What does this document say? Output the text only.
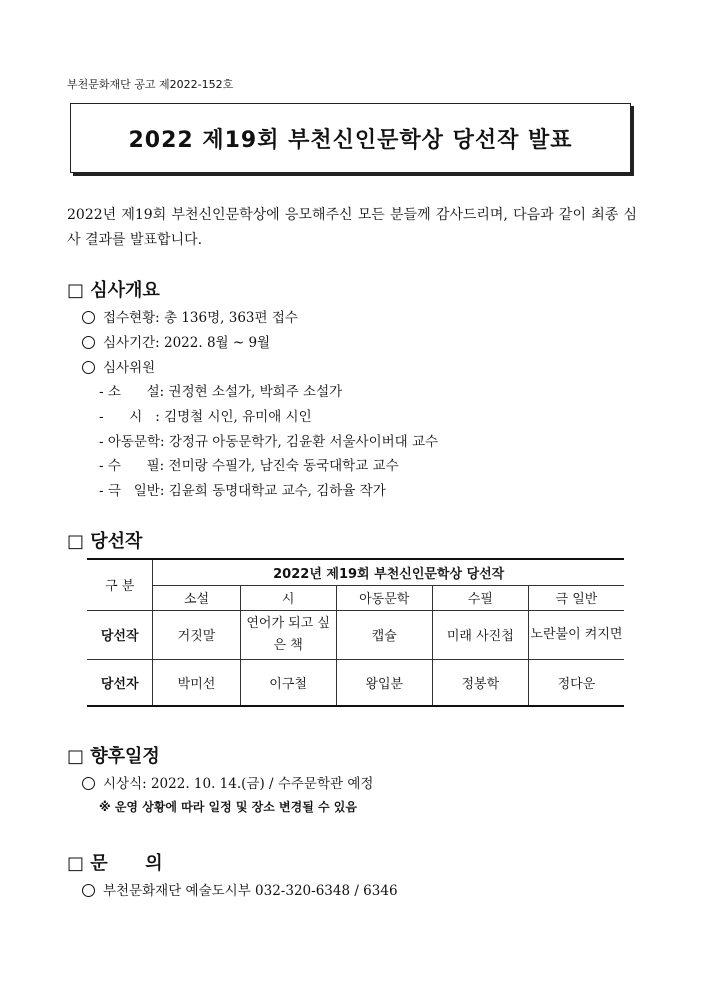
부천문화재단 공고 제2022-152호
2022 제19회 부천신인문학상 당선작 발표
2022년 제19회 부천신인문학상에 응모해주신 모든 분들께 감사드리며, 다음과 같이 최종 심사 결과를 발표합니다.
□ 심사개요
접수현황: 총 136명, 363편 접수
심사기간: 2022. 8월 ~ 9월
심사위원
- 소      설: 권정현 소설가, 박희주 소설가
-      시   : 김명철 시인, 유미애 시인
- 아동문학: 강정규 아동문학가, 김윤환 서울사이버대 교수
- 수      필: 전미랑 수필가, 남진숙 동국대학교 교수
- 극   일반: 김윤희 동명대학교 교수, 김하율 작가
□ 당선작
구 분	2022년 제19회 부천신인문학상 당선작				
	소설	시	아동문학	수필	극 일반
당선작	거짓말	연어가 되고 싶은 책	캡슐	미래 사진첩	노란불이 켜지면
당선자	박미선	이구철	왕입분	정봉학	정다운
□ 향후일정
시상식: 2022. 10. 14.(금) / 수주문학관 예정
※ 운영 상황에 따라 일정 및 장소 변경될 수 있음
□ 문      의
부천문화재단 예술도시부 032-320-6348 / 6346
